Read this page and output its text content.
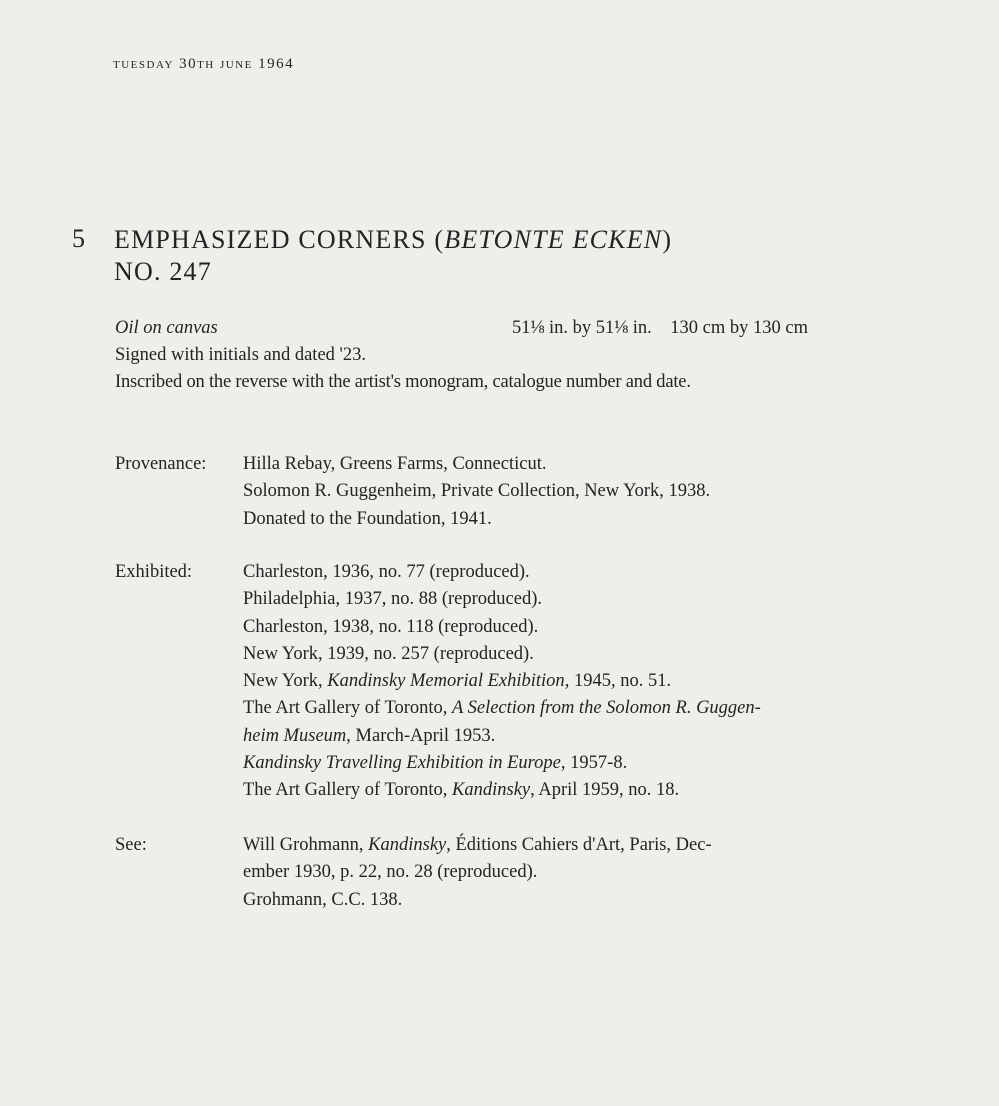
tuesday 30th june 1964
5 EMPHASIZED CORNERS (BETONTE ECKEN)
NO. 247
Oil on canvas	51⅛ in. by 51⅛ in.    130 cm by 130 cm
Signed with initials and dated '23.
Inscribed on the reverse with the artist's monogram, catalogue number and date.
Provenance: Hilla Rebay, Greens Farms, Connecticut.
Solomon R. Guggenheim, Private Collection, New York, 1938.
Donated to the Foundation, 1941.
Exhibited:	Charleston, 1936, no. 77 (reproduced).
Philadelphia, 1937, no. 88 (reproduced).
Charleston, 1938, no. 118 (reproduced).
New York, 1939, no. 257 (reproduced).
New York, Kandinsky Memorial Exhibition, 1945, no. 51.
The Art Gallery of Toronto, A Selection from the Solomon R. Guggen-
heim Museum, March-April 1953.
Kandinsky Travelling Exhibition in Europe, 1957-8.
The Art Gallery of Toronto, Kandinsky, April 1959, no. 18.
See:	Will Grohmann, Kandinsky, Éditions Cahiers d'Art, Paris, Dec-
ember 1930, p. 22, no. 28 (reproduced).
Grohmann, C.C. 138.
